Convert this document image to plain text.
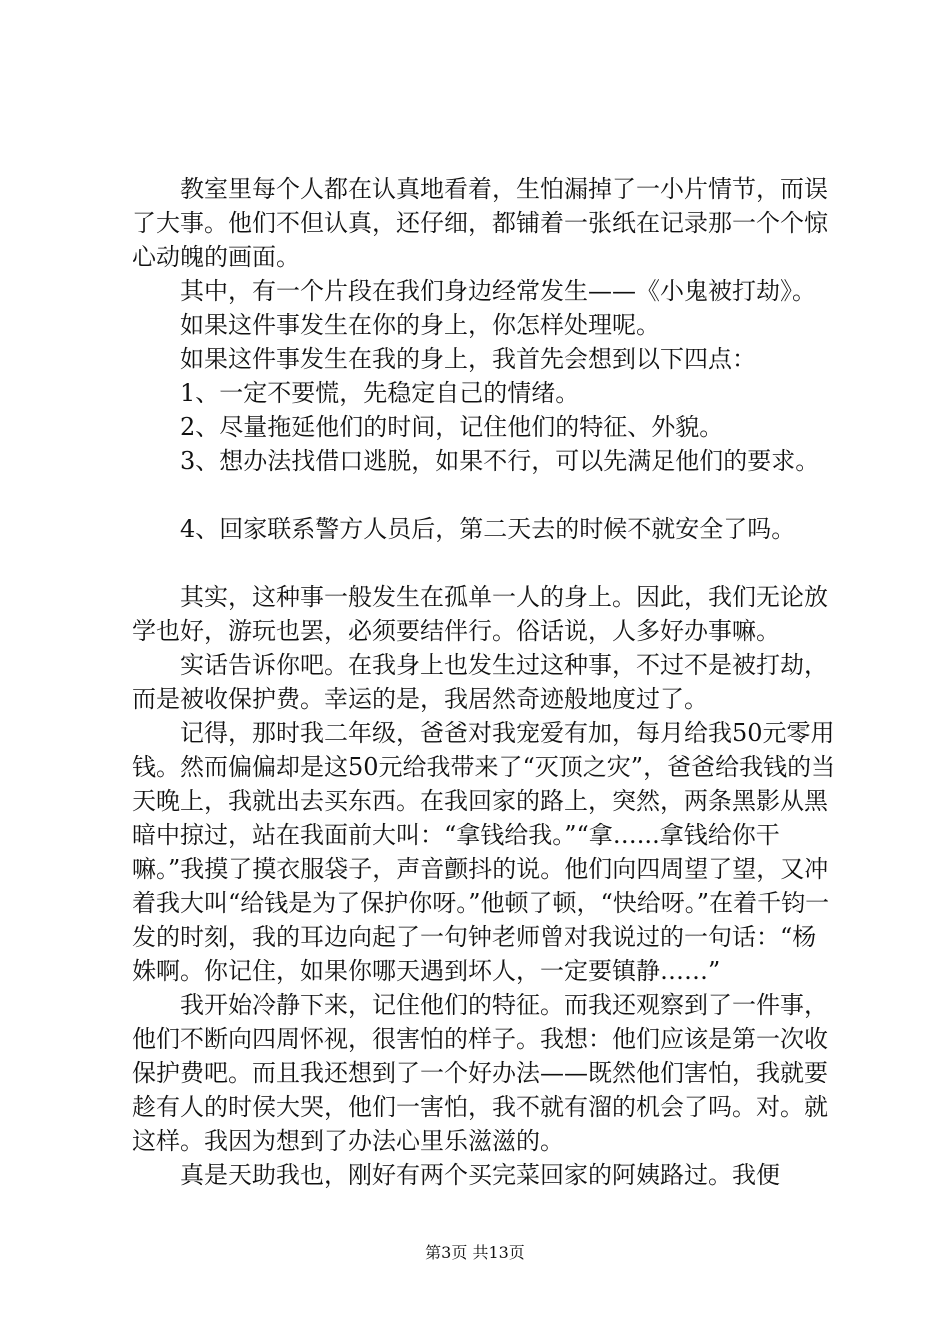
教室里每个人都在认真地看着，生怕漏掉了一小片情节，而误了大事。他们不但认真，还仔细，都铺着一张纸在记录那一个个惊心动魄的画面。

其中，有一个片段在我们身边经常发生——《小鬼被打劫》。

如果这件事发生在你的身上，你怎样处理呢。

如果这件事发生在我的身上，我首先会想到以下四点：

1、一定不要慌，先稳定自己的情绪。

2、尽量拖延他们的时间，记住他们的特征、外貌。

3、想办法找借口逃脱，如果不行，可以先满足他们的要求。

4、回家联系警方人员后，第二天去的时候不就安全了吗。

其实，这种事一般发生在孤单一人的身上。因此，我们无论放学也好，游玩也罢，必须要结伴行。俗话说，人多好办事嘛。

实话告诉你吧。在我身上也发生过这种事，不过不是被打劫，而是被收保护费。幸运的是，我居然奇迹般地度过了。

记得，那时我二年级，爸爸对我宠爱有加，每月给我50元零用钱。然而偏偏却是这50元给我带来了“灭顶之灾”，爸爸给我钱的当天晚上，我就出去买东西。在我回家的路上，突然，两条黑影从黑暗中掠过，站在我面前大叫：“拿钱给我。”“拿…...拿钱给你干嘛。”我摸了摸衣服袋子，声音颤抖的说。他们向四周望了望，又冲着我大叫“给钱是为了保护你呀。”他顿了顿，“快给呀。”在着千钧一发的时刻，我的耳边向起了一句钟老师曾对我说过的一句话：“杨姝啊。你记住，如果你哪天遇到坏人，一定要镇静……”

我开始冷静下来，记住他们的特征。而我还观察到了一件事，他们不断向四周怀视，很害怕的样子。我想：他们应该是第一次收保护费吧。而且我还想到了一个好办法——既然他们害怕，我就要趁有人的时侯大哭，他们一害怕，我不就有溜的机会了吗。对。就这样。我因为想到了办法心里乐滋滋的。

真是天助我也，刚好有两个买完菜回家的阿姨路过。我便

第3页 共13页
